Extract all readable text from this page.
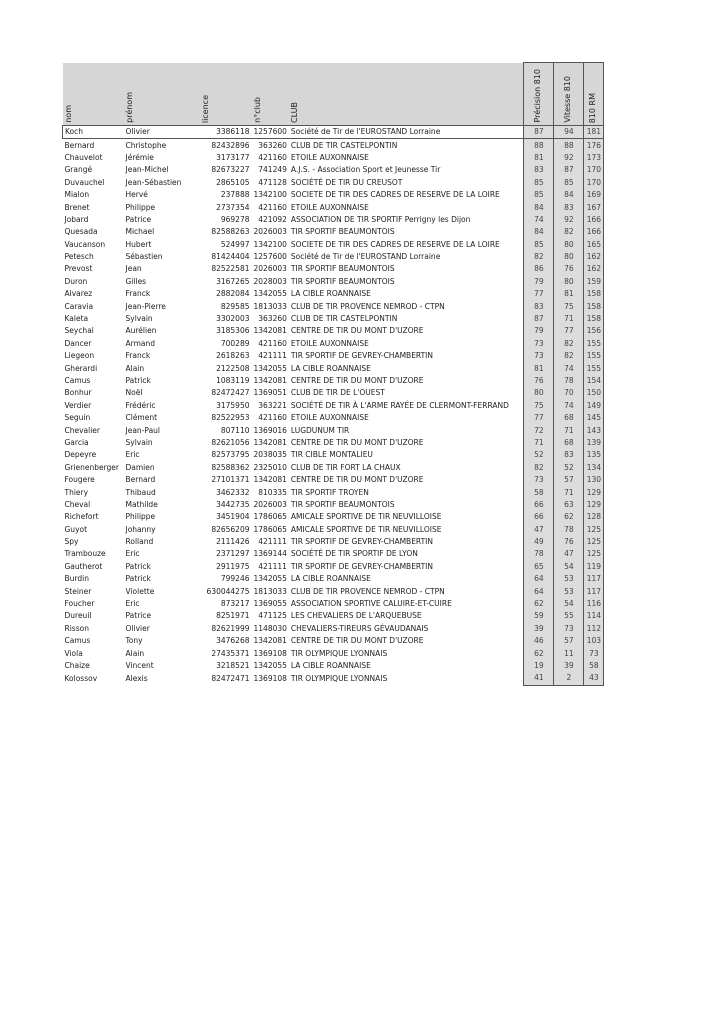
nom	prénom	licence	n°club	CLUB	Précision 810	Vitesse 810	810 RM

Koch	Olivier	3386118	1257600	Société de Tir de l'EUROSTAND Lorraine	87	94	181
Bernard	Christophe	82432896	363260	CLUB DE TIR CASTELPONTIN	88	88	176
Chauvelot	Jérémie	3173177	421160	ETOILE AUXONNAISE	81	92	173
Grangé	Jean-Michel	82673227	741249	A.J.S. - Association Sport et Jeunesse Tir	83	87	170
Duvauchel	Jean-Sébastien	2865105	471128	SOCIÉTÉ DE TIR DU CREUSOT	85	85	170
Mialon	Hervé	237888	1342100	SOCIETE DE TIR DES CADRES DE RESERVE DE LA LOIRE	85	84	169
Brenet	Philippe	2737354	421160	ETOILE AUXONNAISE	84	83	167
Jobard	Patrice	969278	421092	ASSOCIATION DE TIR SPORTIF Perrigny les Dijon	74	92	166
Quesada	Michael	82588263	2026003	TIR SPORTIF BEAUMONTOIS	84	82	166
Vaucanson	Hubert	524997	1342100	SOCIETE DE TIR DES CADRES DE RESERVE DE LA LOIRE	85	80	165
Petesch	Sébastien	81424404	1257600	Société de Tir de l'EUROSTAND Lorraine	82	80	162
Prevost	Jean	82522581	2026003	TIR SPORTIF BEAUMONTOIS	86	76	162
Duron	Gilles	3167265	2028003	TIR SPORTIF BEAUMONTOIS	79	80	159
Alvarez	Franck	2882084	1342055	LA CIBLE ROANNAISE	77	81	158
Caravia	Jean-Pierre	829585	1813033	CLUB DE TIR PROVENCE NEMROD - CTPN	83	75	158
Kaleta	Sylvain	3302003	363260	CLUB DE TIR CASTELPONTIN	87	71	158
Seychal	Aurélien	3185306	1342081	CENTRE DE TIR DU MONT D'UZORE	79	77	156
Dancer	Armand	700289	421160	ETOILE AUXONNAISE	73	82	155
Liegeon	Franck	2618263	421111	TIR SPORTIF DE GEVREY-CHAMBERTIN	73	82	155
Gherardi	Alain	2122508	1342055	LA CIBLE ROANNAISE	81	74	155
Camus	Patrick	1083119	1342081	CENTRE DE TIR DU MONT D'UZORE	76	78	154
Bonhur	Noël	82472427	1369051	CLUB DE TIR DE L'OUEST	80	70	150
Verdier	Frédéric	3175950	363221	SOCIÉTÉ DE TIR À L'ARME RAYÉE DE CLERMONT-FERRAND	75	74	149
Seguin	Clément	82522953	421160	ETOILE AUXONNAISE	77	68	145
Chevalier	Jean-Paul	807110	1369016	LUGDUNUM TIR	72	71	143
Garcia	Sylvain	82621056	1342081	CENTRE DE TIR DU MONT D'UZORE	71	68	139
Depeyre	Eric	82573795	2038035	TIR CIBLE MONTALIEU	52	83	135
Grienenberger	Damien	82588362	2325010	CLUB DE TIR FORT LA CHAUX	82	52	134
Fougere	Bernard	27101371	1342081	CENTRE DE TIR DU MONT D'UZORE	73	57	130
Thiery	Thibaud	3462332	810335	TIR SPORTIF TROYEN	58	71	129
Cheval	Mathilde	3442735	2026003	TIR SPORTIF BEAUMONTOIS	66	63	129
Richefort	Philippe	3451904	1786065	AMICALE SPORTIVE DE TIR NEUVILLOISE	66	62	128
Guyot	Johanny	82656209	1786065	AMICALE SPORTIVE DE TIR NEUVILLOISE	47	78	125
Spy	Rolland	2111426	421111	TIR SPORTIF DE GEVREY-CHAMBERTIN	49	76	125
Trambouze	Eric	2371297	1369144	SOCIÉTÉ DE TIR SPORTIF DE LYON	78	47	125
Gautherot	Patrick	2911975	421111	TIR SPORTIF DE GEVREY-CHAMBERTIN	65	54	119
Burdin	Patrick	799246	1342055	LA CIBLE ROANNAISE	64	53	117
Steiner	Violette	630044275	1813033	CLUB DE TIR PROVENCE NEMROD - CTPN	64	53	117
Foucher	Eric	873217	1369055	ASSOCIATION SPORTIVE CALUIRE-ET-CUIRE	62	54	116
Dureuil	Patrice	8251971	471125	LES CHEVALIERS DE L'ARQUEBUSE	59	55	114
Risson	Olivier	82621999	1148030	CHEVALIERS-TIREURS GÉVAUDANAIS	39	73	112
Camus	Tony	3476268	1342081	CENTRE DE TIR DU MONT D'UZORE	46	57	103
Viola	Alain	27435371	1369108	TIR OLYMPIQUE LYONNAIS	62	11	73
Chaize	Vincent	3218521	1342055	LA CIBLE ROANNAISE	19	39	58
Kolossov	Alexis	82472471	1369108	TIR OLYMPIQUE LYONNAIS	41	2	43
